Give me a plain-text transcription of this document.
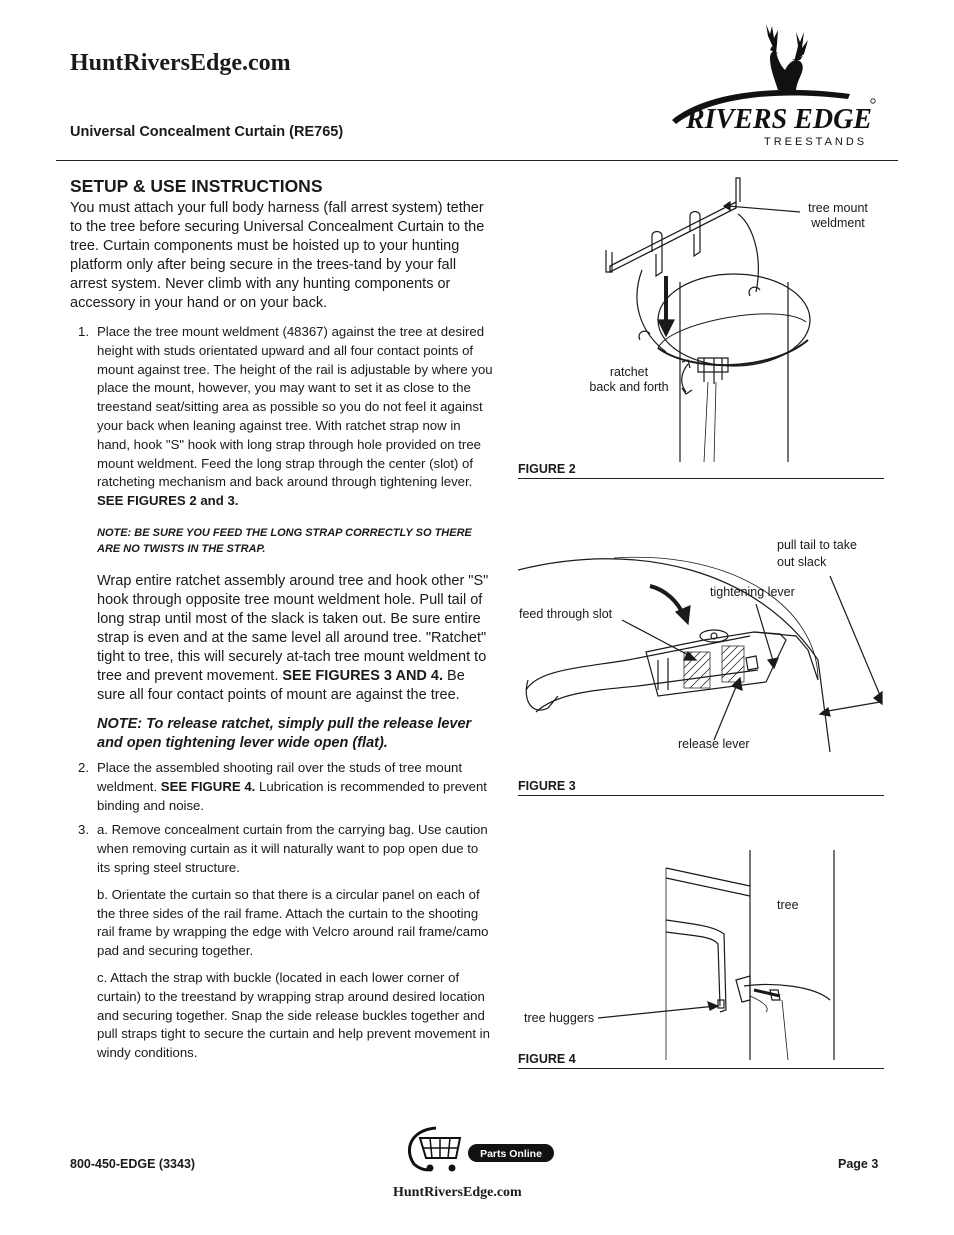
HuntRiversEdge.com
Universal Concealment Curtain (RE765)	RIVERS EDGE
TREESTANDS
SETUP & USE INSTRUCTIONS

You must attach your full body harness (fall arrest system) tether to the tree before securing Universal Concealment Curtain to the tree. Curtain components must be hoisted up to your hunting platform only after being secure in the trees-tand by your fall arrest system. Never climb with any hunting components or accessory in your hand or on your back.

1. Place the tree mount weldment (48367) against the tree at desired height with studs orientated upward and all four contact points of mount against tree. The height of the rail is adjustable by where you place the mount, however, you may want to set it as close to the treestand seat/sitting area as possible so you do not feel it against your back when leaning against tree. With ratchet strap now in hand, hook "S" hook with long strap through hole provided on tree mount weldment. Feed the long strap through the center (slot) of ratcheting mechanism and back around through tightening lever. SEE FIGURES 2 and 3.

NOTE: BE SURE YOU FEED THE LONG STRAP CORRECTLY SO THERE ARE NO TWISTS IN THE STRAP.

Wrap entire ratchet assembly around tree and hook other "S" hook through opposite tree mount weldment hole. Pull tail of long strap until most of the slack is taken out. Be sure entire strap is even and at the same level all around tree. "Ratchet" tight to tree, this will securely at-tach tree mount weldment to tree and prevent movement. SEE FIGURES 3 AND 4. Be sure all four contact points of mount are against the tree.

NOTE: To release ratchet, simply pull the release lever and open tightening lever wide open (flat).

2. Place the assembled shooting rail over the studs of tree mount weldment. SEE FIGURE 4. Lubrication is recommended to prevent binding and noise.

3. a. Remove concealment curtain from the carrying bag. Use caution when removing curtain as it will naturally want to pop open due to its spring steel structure.

b. Orientate the curtain so that there is a circular panel on each of the three sides of the rail frame. Attach the curtain to the shooting rail frame by wrapping the edge with Velcro around rail frame/camo pad and securing together.

c. Attach the strap with buckle (located in each lower corner of curtain) to the treestand by wrapping strap around desired location and securing together. Snap the side release buckles together and pull straps tight to secure the curtain and help prevent movement in windy conditions.

tree mount
weldment
ratchet
back and forth
FIGURE 2
pull tail to take
out slack
tightening lever
feed through slot
release lever
FIGURE 3
tree
tree huggers
FIGURE 4
800-450-EDGE (3343)
Parts Online
Page 3
HuntRiversEdge.com
